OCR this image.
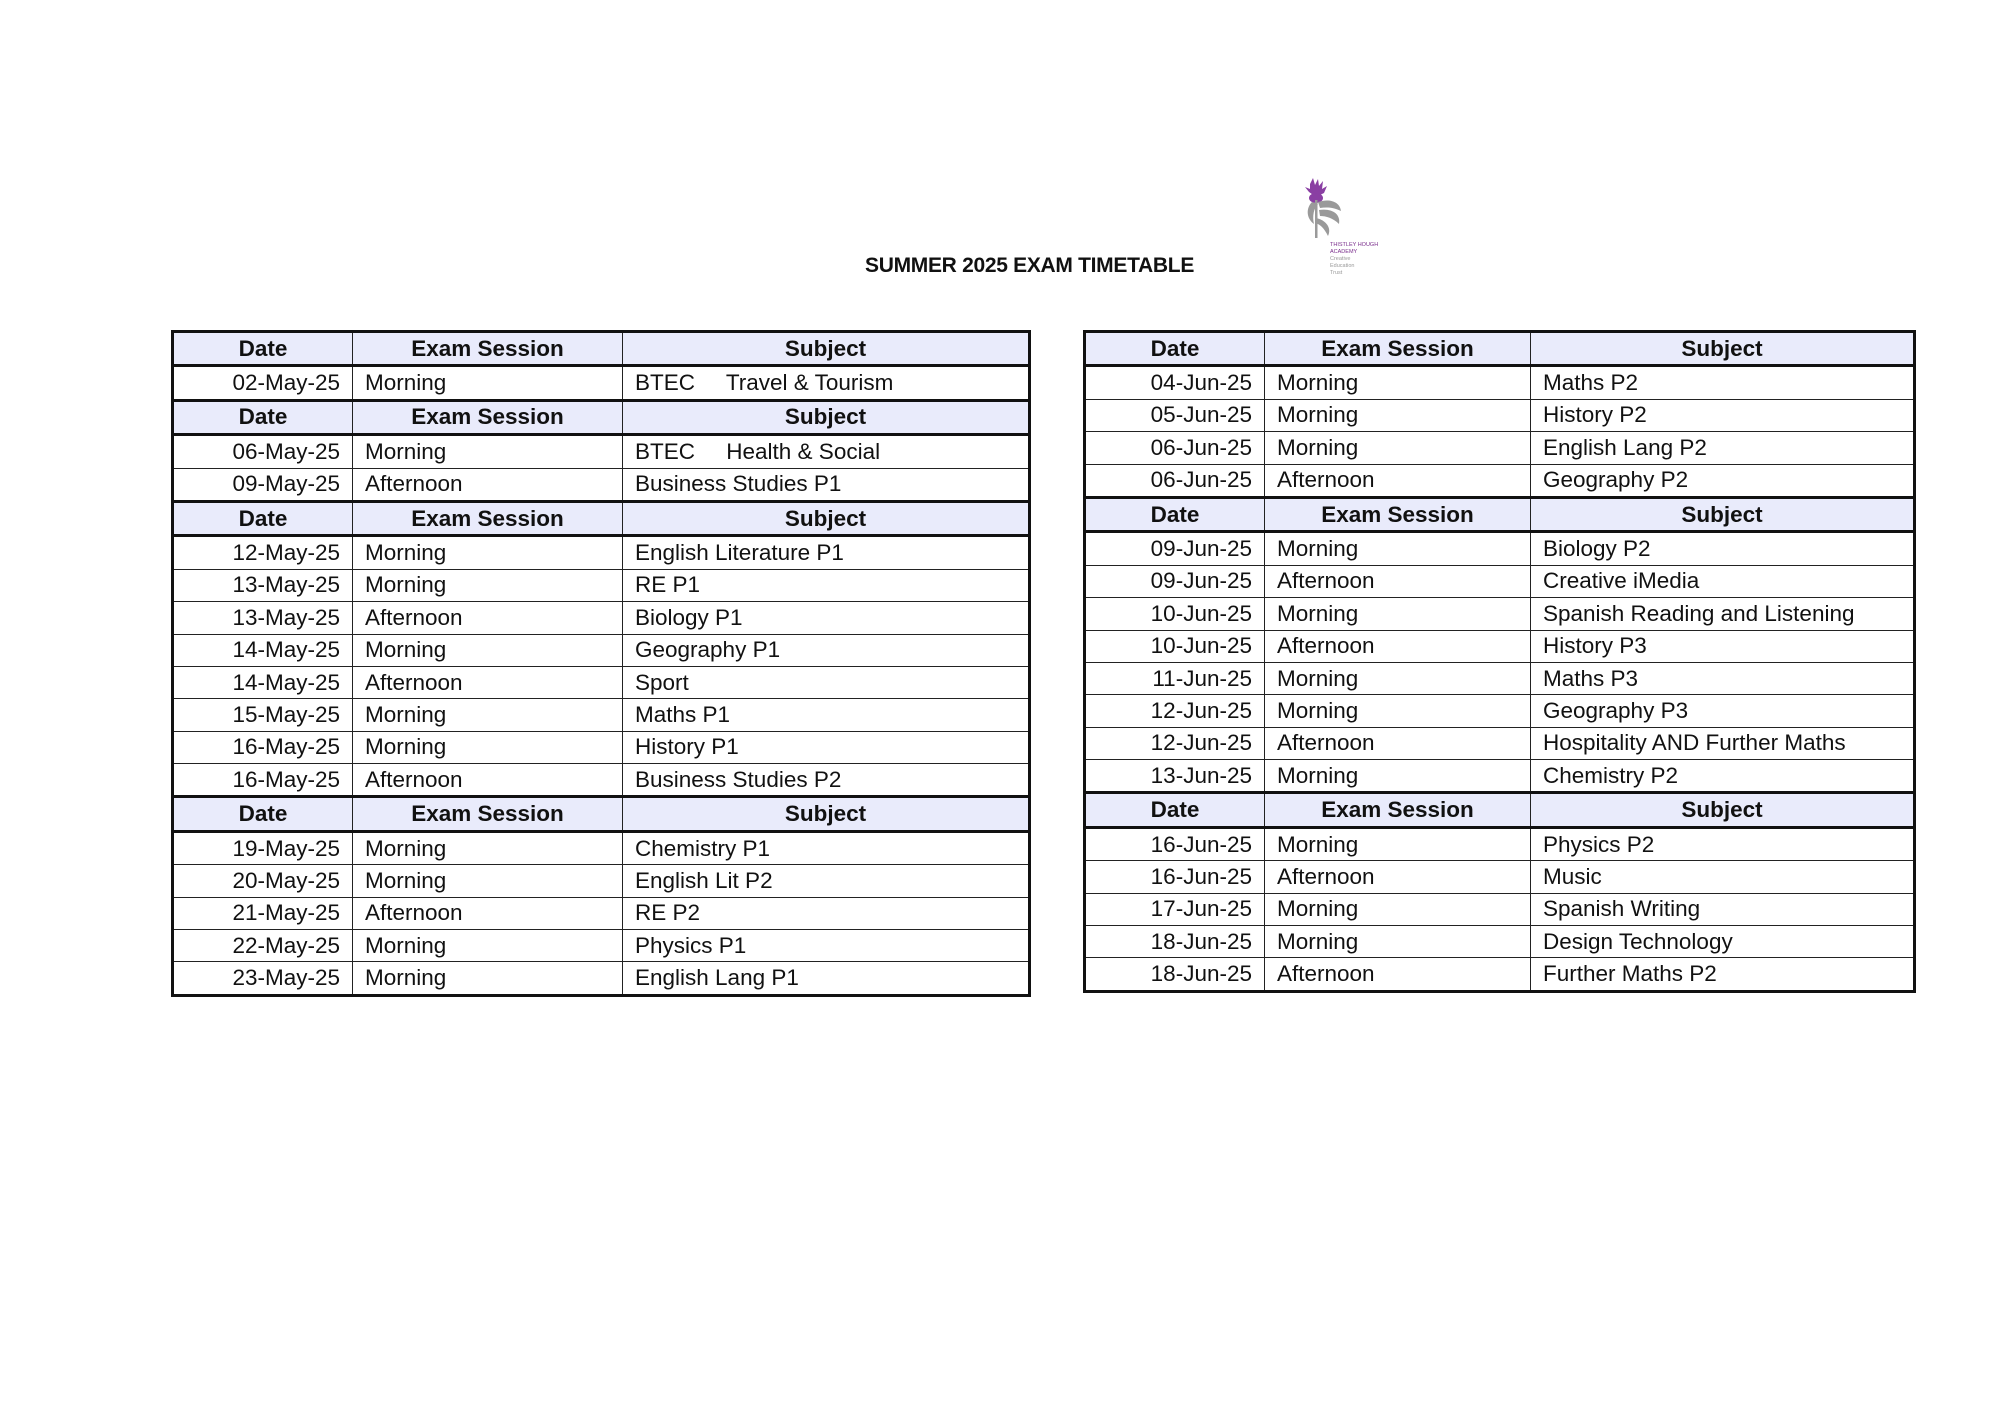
SUMMER 2025 EXAM TIMETABLE
THISTLEY HOUGH
ACADEMY
Creative
Education
Trust
Date	Exam Session	Subject
02-May-25	Morning	BTEC     Travel & Tourism
Date	Exam Session	Subject
06-May-25	Morning	BTEC     Health & Social
09-May-25	Afternoon	Business Studies P1
Date	Exam Session	Subject
12-May-25	Morning	English Literature P1
13-May-25	Morning	RE P1
13-May-25	Afternoon	Biology P1
14-May-25	Morning	Geography P1
14-May-25	Afternoon	Sport
15-May-25	Morning	Maths P1
16-May-25	Morning	History P1
16-May-25	Afternoon	Business Studies P2
Date	Exam Session	Subject
19-May-25	Morning	Chemistry P1
20-May-25	Morning	English Lit P2
21-May-25	Afternoon	RE P2
22-May-25	Morning	Physics P1
23-May-25	Morning	English Lang P1
Date	Exam Session	Subject
04-Jun-25	Morning	Maths P2
05-Jun-25	Morning	History P2
06-Jun-25	Morning	English Lang P2
06-Jun-25	Afternoon	Geography P2
Date	Exam Session	Subject
09-Jun-25	Morning	Biology P2
09-Jun-25	Afternoon	Creative iMedia
10-Jun-25	Morning	Spanish Reading and Listening
10-Jun-25	Afternoon	History P3
11-Jun-25	Morning	Maths P3
12-Jun-25	Morning	Geography P3
12-Jun-25	Afternoon	Hospitality AND Further Maths
13-Jun-25	Morning	Chemistry P2
Date	Exam Session	Subject
16-Jun-25	Morning	Physics P2
16-Jun-25	Afternoon	Music
17-Jun-25	Morning	Spanish Writing
18-Jun-25	Morning	Design Technology
18-Jun-25	Afternoon	Further Maths P2
